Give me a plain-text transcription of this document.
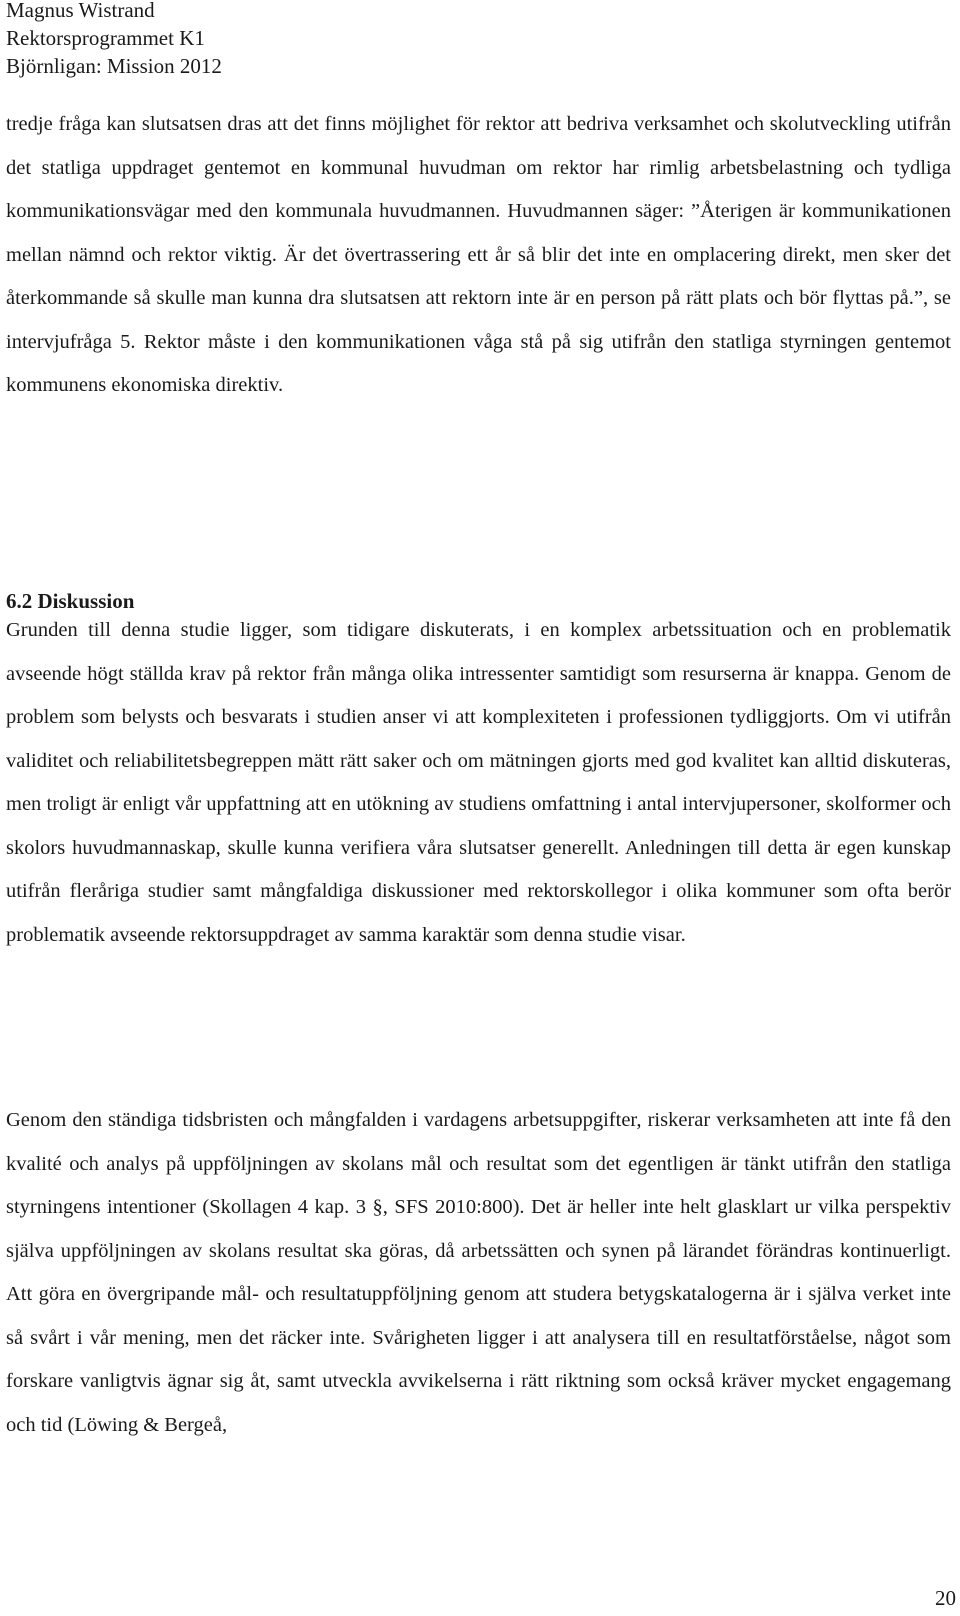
Magnus Wistrand
Rektorsprogrammet K1
Björnligan: Mission 2012

tredje fråga kan slutsatsen dras att det finns möjlighet för rektor att bedriva verksamhet och skolutveckling utifrån det statliga uppdraget gentemot en kommunal huvudman om rektor har rimlig arbetsbelastning och tydliga kommunikationsvägar med den kommunala huvudmannen. Huvudmannen säger: ”Återigen är kommunikationen mellan nämnd och rektor viktig. Är det övertrassering ett år så blir det inte en omplacering direkt, men sker det återkommande så skulle man kunna dra slutsatsen att rektorn inte är en person på rätt plats och bör flyttas på.”, se intervjufråga 5. Rektor måste i den kommunikationen våga stå på sig utifrån den statliga styrningen gentemot kommunens ekonomiska direktiv.

6.2 Diskussion

Grunden till denna studie ligger, som tidigare diskuterats, i en komplex arbetssituation och en problematik avseende högt ställda krav på rektor från många olika intressenter samtidigt som resurserna är knappa. Genom de problem som belysts och besvarats i studien anser vi att komplexiteten i professionen tydliggjorts. Om vi utifrån validitet och reliabilitetsbegreppen mätt rätt saker och om mätningen gjorts med god kvalitet kan alltid diskuteras, men troligt är enligt vår uppfattning att en utökning av studiens omfattning i antal intervjupersoner, skolformer och skolors huvudmannaskap, skulle kunna verifiera våra slutsatser generellt. Anledningen till detta är egen kunskap utifrån fleråriga studier samt mångfaldiga diskussioner med rektorskollegor i olika kommuner som ofta berör problematik avseende rektorsuppdraget av samma karaktär som denna studie visar.

Genom den ständiga tidsbristen och mångfalden i vardagens arbetsuppgifter, riskerar verksamheten att inte få den kvalité och analys på uppföljningen av skolans mål och resultat som det egentligen är tänkt utifrån den statliga styrningens intentioner (Skollagen 4 kap. 3 §, SFS 2010:800). Det är heller inte helt glasklart ur vilka perspektiv själva uppföljningen av skolans resultat ska göras, då arbetssätten och synen på lärandet förändras kontinuerligt. Att göra en övergripande mål- och resultatuppföljning genom att studera betygskatalogerna är i själva verket inte så svårt i vår mening, men det räcker inte. Svårigheten ligger i att analysera till en resultatförståelse, något som forskare vanligtvis ägnar sig åt, samt utveckla avvikelserna i rätt riktning som också kräver mycket engagemang och tid (Löwing & Bergeå,

20
